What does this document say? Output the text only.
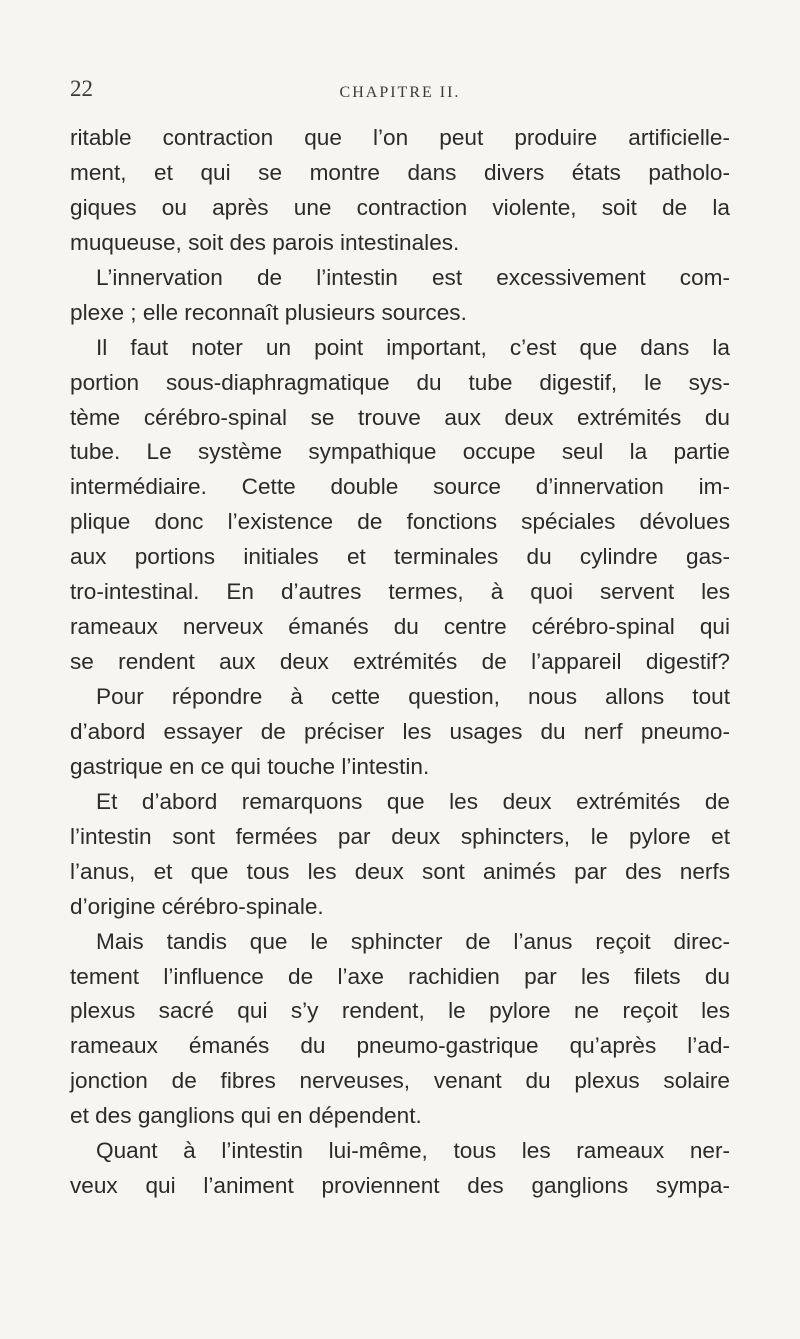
22	CHAPITRE II.
ritable contraction que l’on peut produire artificielle-
ment, et qui se montre dans divers états patholo-
giques ou après une contraction violente, soit de la
muqueuse, soit des parois intestinales.
L’innervation de l’intestin est excessivement com-
plexe ; elle reconnaît plusieurs sources.
Il faut noter un point important, c’est que dans la
portion sous-diaphragmatique du tube digestif, le sys-
tème cérébro-spinal se trouve aux deux extrémités du
tube. Le système sympathique occupe seul la partie
intermédiaire. Cette double source d’innervation im-
plique donc l’existence de fonctions spéciales dévolues
aux portions initiales et terminales du cylindre gas-
tro-intestinal. En d’autres termes, à quoi servent les
rameaux nerveux émanés du centre cérébro-spinal qui
se rendent aux deux extrémités de l’appareil digestif?
Pour répondre à cette question, nous allons tout
d’abord essayer de préciser les usages du nerf pneumo-
gastrique en ce qui touche l’intestin.
Et d’abord remarquons que les deux extrémités de
l’intestin sont fermées par deux sphincters, le pylore et
l’anus, et que tous les deux sont animés par des nerfs
d’origine cérébro-spinale.
Mais tandis que le sphincter de l’anus reçoit direc-
tement l’influence de l’axe rachidien par les filets du
plexus sacré qui s’y rendent, le pylore ne reçoit les
rameaux émanés du pneumo-gastrique qu’après l’ad-
jonction de fibres nerveuses, venant du plexus solaire
et des ganglions qui en dépendent.
Quant à l’intestin lui-même, tous les rameaux ner-
veux qui l’animent proviennent des ganglions sympa-
